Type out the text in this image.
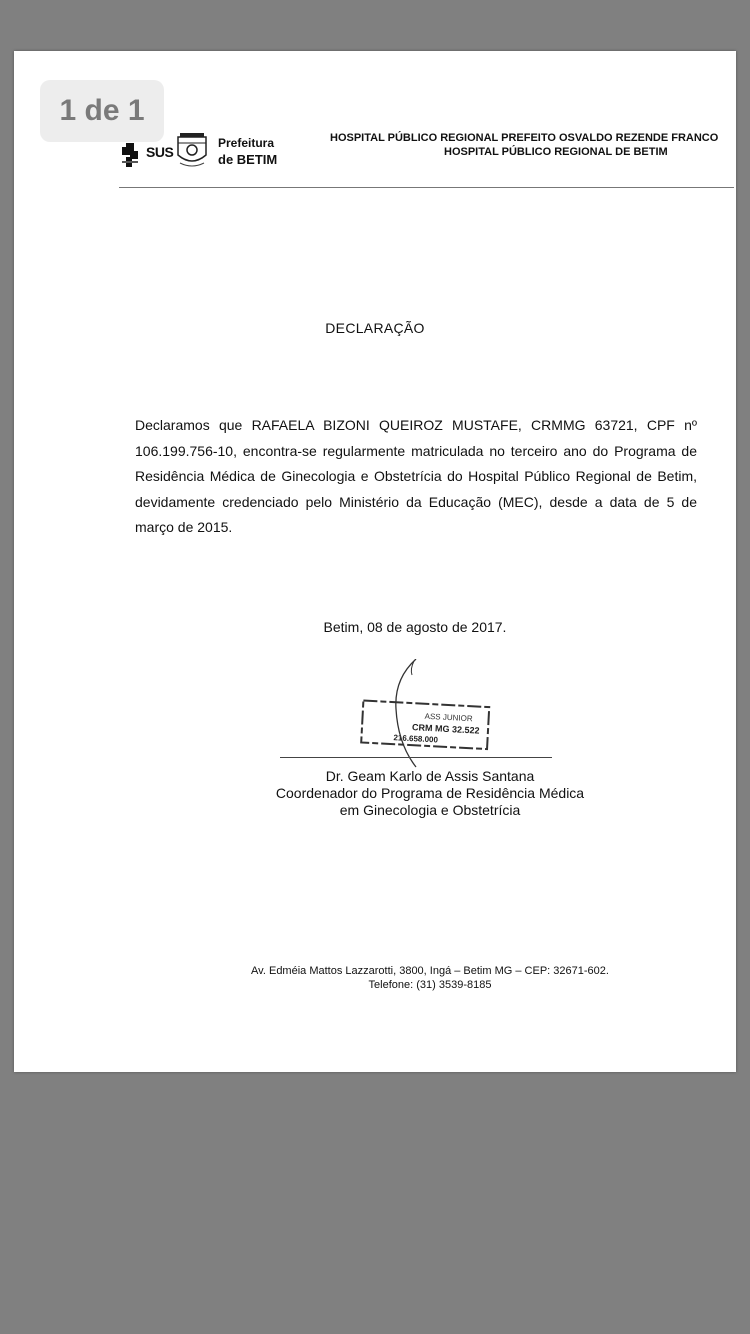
1 de 1
SUS
Prefeitura
de BETIM
HOSPITAL PÚBLICO REGIONAL PREFEITO OSVALDO REZENDE FRANCO
HOSPITAL PÚBLICO REGIONAL DE BETIM
DECLARAÇÃO
Declaramos que RAFAELA BIZONI QUEIROZ MUSTAFE, CRMMG 63721, CPF nº 106.199.756-10, encontra-se regularmente matriculada no terceiro ano do Programa de Residência Médica de Ginecologia e Obstetrícia do Hospital Público Regional de Betim, devidamente credenciado pelo Ministério da Educação (MEC), desde a data de 5 de março de 2015.
Betim, 08 de agosto de 2017.
ASS JUNIOR
CRM MG 32.522
216.658.000
Dr. Geam Karlo de Assis Santana
Coordenador do Programa de Residência Médica
em Ginecologia e Obstetrícia
Av. Edméia Mattos Lazzarotti, 3800, Ingá – Betim MG – CEP: 32671-602.
Telefone: (31) 3539-8185
